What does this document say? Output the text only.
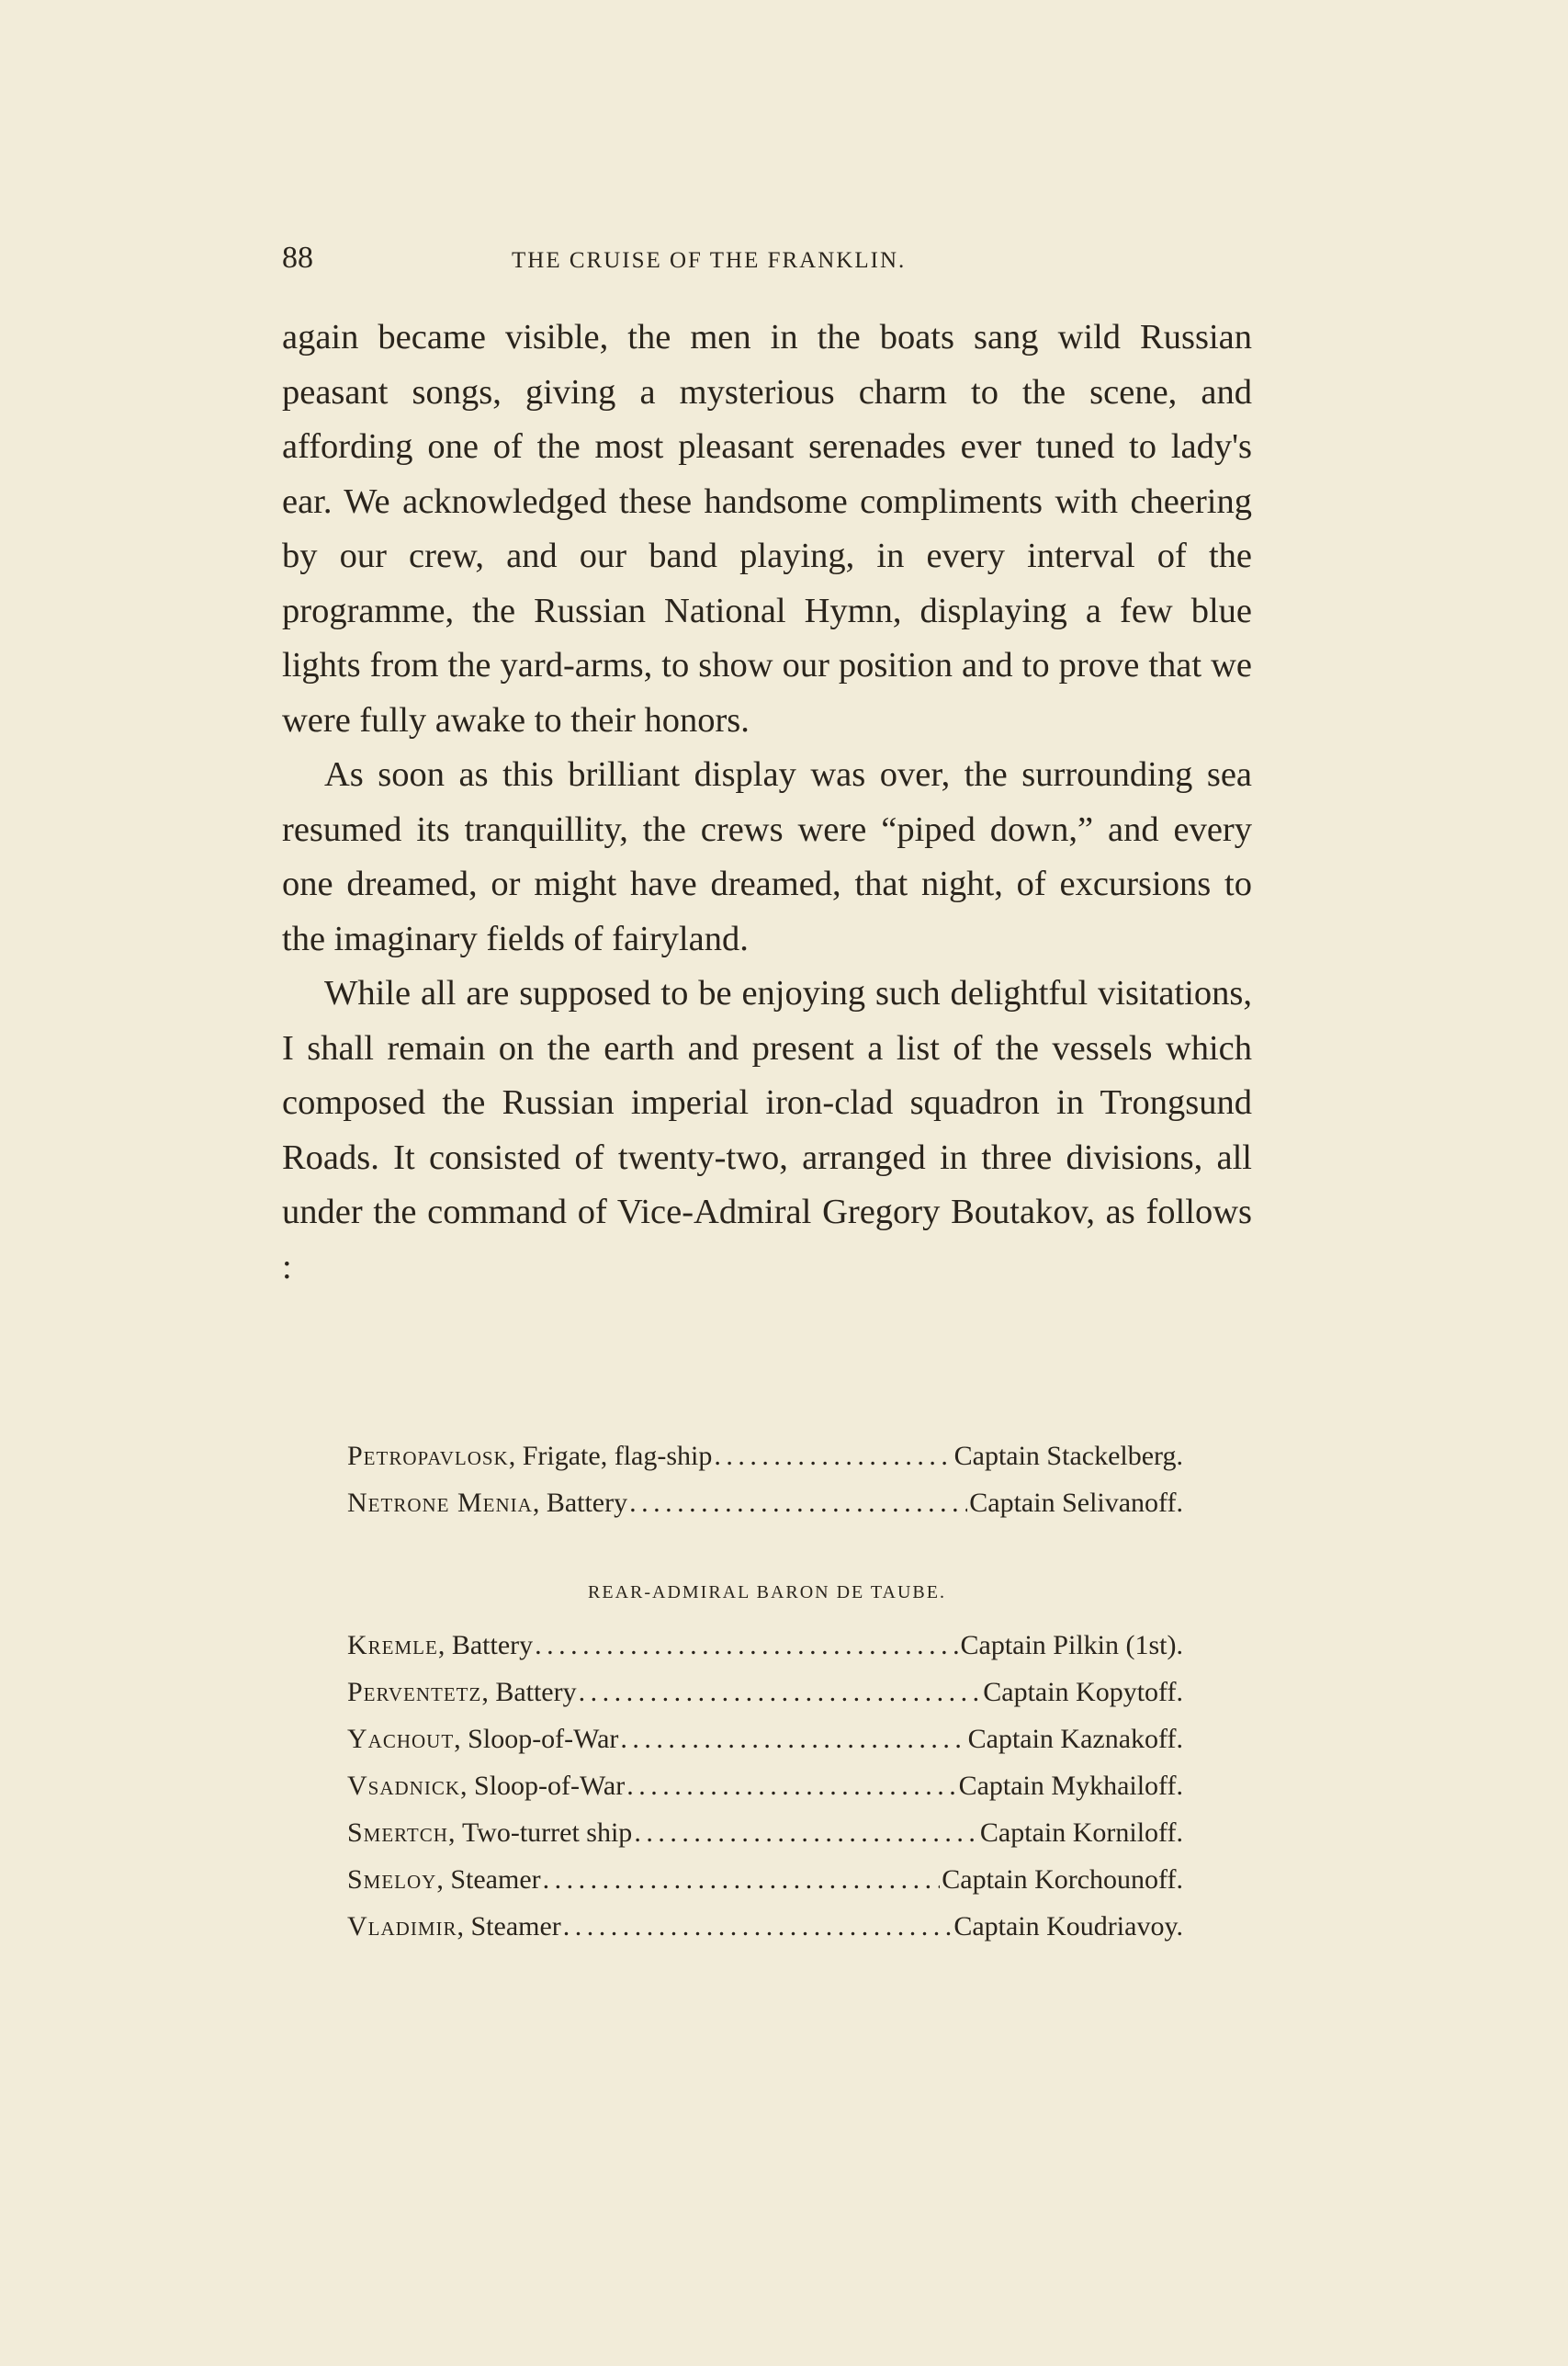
88	THE CRUISE OF THE FRANKLIN.

again became visible, the men in the boats sang wild Russian peasant songs, giving a mysterious charm to the scene, and affording one of the most pleasant serenades ever tuned to lady's ear. We acknowledged these handsome compliments with cheering by our crew, and our band playing, in every interval of the programme, the Russian National Hymn, displaying a few blue lights from the yard-arms, to show our position and to prove that we were fully awake to their honors.

As soon as this brilliant display was over, the surrounding sea resumed its tranquillity, the crews were “piped down,” and every one dreamed, or might have dreamed, that night, of excursions to the imaginary fields of fairyland.

While all are supposed to be enjoying such delightful visitations, I shall remain on the earth and present a list of the vessels which composed the Russian imperial iron-clad squadron in Trongsund Roads. It consisted of twenty-two, arranged in three divisions, all under the command of Vice-Admiral Gregory Boutakov, as follows :

Petropavlosk , Frigate, flag-ship . . .	Captain Stackelberg.
Netrone Menia , Battery . . .	Captain Selivanoff.
REAR-ADMIRAL BARON DE TAUBE.
Kremle , Battery . . .	Captain Pilkin (1st).
Perventetz , Battery . . .	Captain Kopytoff.
Yachout , Sloop-of-War . . .	Captain Kaznakoff.
Vsadnick , Sloop-of-War . . .	Captain Mykhailoff.
Smertch , Two-turret ship . . .	Captain Korniloff.
Smeloy , Steamer . . .	Captain Korchounoff.
Vladimir , Steamer . . .	Captain Koudriavoy.
